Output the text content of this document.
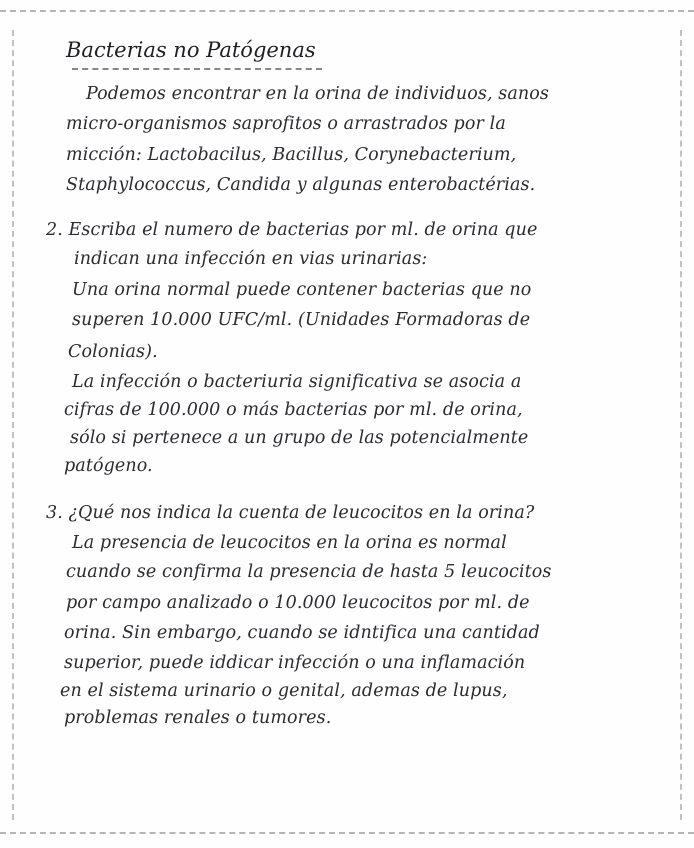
Bacterias no Patógenas
Podemos encontrar en la orina de individuos, sanos
micro-organismos saprofitos o arrastrados por la
micción: Lactobacilus, Bacillus, Corynebacterium,
Staphylococcus, Candida y algunas enterobactérias.
2. Escriba el numero de bacterias por ml. de orina que
indican una infección en vias urinarias:
Una orina normal puede contener bacterias que no
superen 10.000 UFC/ml. (Unidades Formadoras de
Colonias).
La infección o bacteriuria significativa se asocia a
cifras de 100.000 o más bacterias por ml. de orina,
sólo si pertenece a un grupo de las potencialmente
patógeno.
3. ¿Qué nos indica la cuenta de leucocitos en la orina?
La presencia de leucocitos en la orina es normal
cuando se confirma la presencia de hasta 5 leucocitos
por campo analizado o 10.000 leucocitos por ml. de
orina. Sin embargo, cuando se idntifica una cantidad
superior, puede iddicar infección o una inflamación
en el sistema urinario o genital, ademas de lupus,
problemas renales o tumores.
